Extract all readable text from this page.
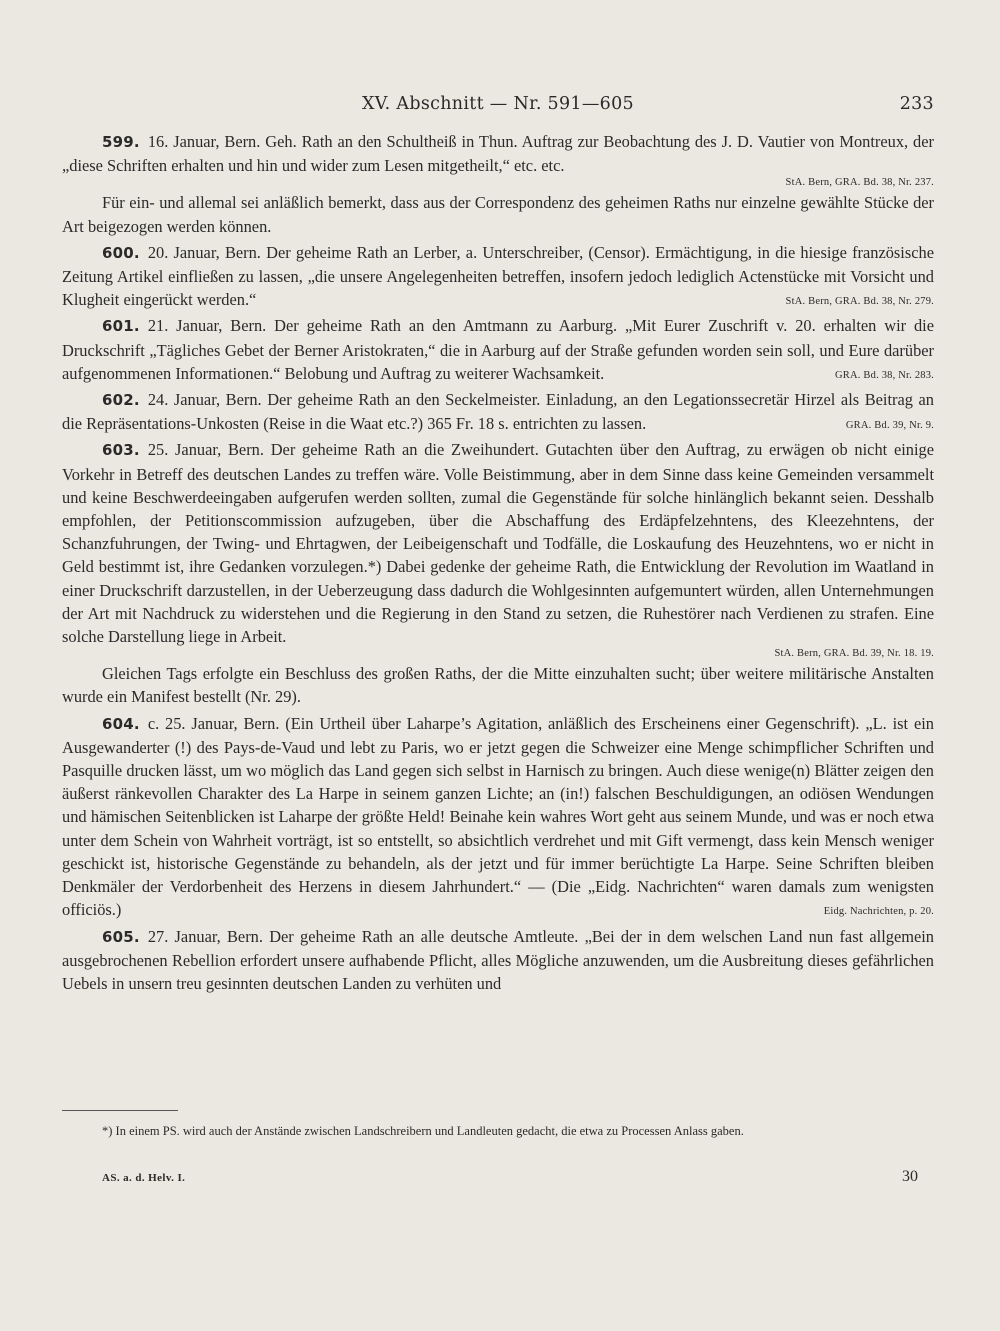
XV. Abschnitt — Nr. 591—605	233

599. 16. Januar, Bern. Geh. Rath an den Schultheiß in Thun. Auftrag zur Beobachtung des J. D. Vautier von Montreux, der „diese Schriften erhalten und hin und wider zum Lesen mitgetheilt,“ etc. etc.

StA. Bern, GRA. Bd. 38, Nr. 237.

Für ein- und allemal sei anläßlich bemerkt, dass aus der Correspondenz des geheimen Raths nur einzelne gewählte Stücke der Art beigezogen werden können.

600. 20. Januar, Bern. Der geheime Rath an Lerber, a. Unterschreiber, (Censor). Ermächtigung, in die hiesige französische Zeitung Artikel einfließen zu lassen, „die unsere Angelegenheiten betreffen, insofern jedoch lediglich Actenstücke mit Vorsicht und Klugheit eingerückt werden.“	StA. Bern, GRA. Bd. 38, Nr. 279.

601. 21. Januar, Bern. Der geheime Rath an den Amtmann zu Aarburg. „Mit Eurer Zuschrift v. 20. erhalten wir die Druckschrift „Tägliches Gebet der Berner Aristokraten,“ die in Aarburg auf der Straße gefunden worden sein soll, und Eure darüber aufgenommenen Informationen.“ Belobung und Auftrag zu weiterer Wachsamkeit.	GRA. Bd. 38, Nr. 283.

602. 24. Januar, Bern. Der geheime Rath an den Seckelmeister. Einladung, an den Legationssecretär Hirzel als Beitrag an die Repräsentations-Unkosten (Reise in die Waat etc.?) 365 Fr. 18 s. entrichten zu lassen.	GRA. Bd. 39, Nr. 9.

603. 25. Januar, Bern. Der geheime Rath an die Zweihundert. Gutachten über den Auftrag, zu erwägen ob nicht einige Vorkehr in Betreff des deutschen Landes zu treffen wäre. Volle Beistimmung, aber in dem Sinne dass keine Gemeinden versammelt und keine Beschwerdeeingaben aufgerufen werden sollten, zumal die Gegenstände für solche hinlänglich bekannt seien. Desshalb empfohlen, der Petitionscommission aufzugeben, über die Abschaffung des Erdäpfelzehntens, des Kleezehntens, der Schanzfuhrungen, der Twing- und Ehrtagwen, der Leibeigenschaft und Todfälle, die Loskaufung des Heuzehntens, wo er nicht in Geld bestimmt ist, ihre Gedanken vorzulegen.*) Dabei gedenke der geheime Rath, die Entwicklung der Revolution im Waatland in einer Druckschrift darzustellen, in der Ueberzeugung dass dadurch die Wohlgesinnten aufgemuntert würden, allen Unternehmungen der Art mit Nachdruck zu widerstehen und die Regierung in den Stand zu setzen, die Ruhestörer nach Verdienen zu strafen. Eine solche Darstellung liege in Arbeit.

StA. Bern, GRA. Bd. 39, Nr. 18. 19.

Gleichen Tags erfolgte ein Beschluss des großen Raths, der die Mitte einzuhalten sucht; über weitere militärische Anstalten wurde ein Manifest bestellt (Nr. 29).

604. c. 25. Januar, Bern. (Ein Urtheil über Laharpe’s Agitation, anläßlich des Erscheinens einer Gegenschrift). „L. ist ein Ausgewanderter (!) des Pays-de-Vaud und lebt zu Paris, wo er jetzt gegen die Schweizer eine Menge schimpflicher Schriften und Pasquille drucken lässt, um wo möglich das Land gegen sich selbst in Harnisch zu bringen. Auch diese wenige(n) Blätter zeigen den äußerst ränkevollen Charakter des La Harpe in seinem ganzen Lichte; an (in!) falschen Beschuldigungen, an odiösen Wendungen und hämischen Seitenblicken ist Laharpe der größte Held! Beinahe kein wahres Wort geht aus seinem Munde, und was er noch etwa unter dem Schein von Wahrheit vorträgt, ist so entstellt, so absichtlich verdrehet und mit Gift vermengt, dass kein Mensch weniger geschickt ist, historische Gegenstände zu behandeln, als der jetzt und für immer berüchtigte La Harpe. Seine Schriften bleiben Denkmäler der Verdorbenheit des Herzens in diesem Jahrhundert.“ — (Die „Eidg. Nachrichten“ waren damals zum wenigsten officiös.)	Eidg. Nachrichten, p. 20.

605. 27. Januar, Bern. Der geheime Rath an alle deutsche Amtleute. „Bei der in dem welschen Land nun fast allgemein ausgebrochenen Rebellion erfordert unsere aufhabende Pflicht, alles Mögliche anzuwenden, um die Ausbreitung dieses gefährlichen Uebels in unsern treu gesinnten deutschen Landen zu verhüten und

*) In einem PS. wird auch der Anstände zwischen Landschreibern und Landleuten gedacht, die etwa zu Processen Anlass gaben.
AS. a. d. Helv. I.	30
